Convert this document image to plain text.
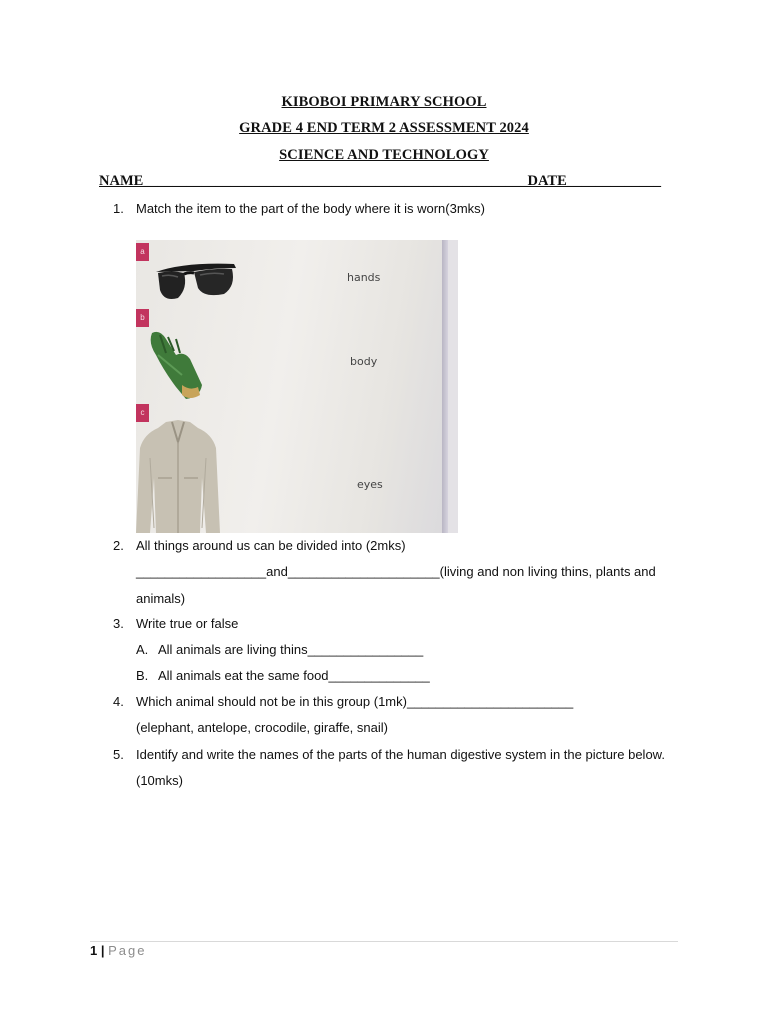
KIBOBOI PRIMARY SCHOOL
GRADE 4 END TERM 2 ASSESSMENT 2024
SCIENCE AND TECHNOLOGY
NAME_____________________________________________________DATE_____________
1. Match the item to the part of the body where it is worn(3mks)
a
b
c
hands
body
eyes
2. All things around us can be divided into (2mks)
__________________and_____________________(living and non living thins, plants and
animals)
3. Write true or false
A. All animals are living thins________________
B. All animals eat the same food______________
4. Which animal should not be in this group (1mk)_______________________
(elephant, antelope, crocodile, giraffe, snail)
5. Identify and write the names of the parts of the human digestive system in the picture below.
(10mks)
1 | Page
